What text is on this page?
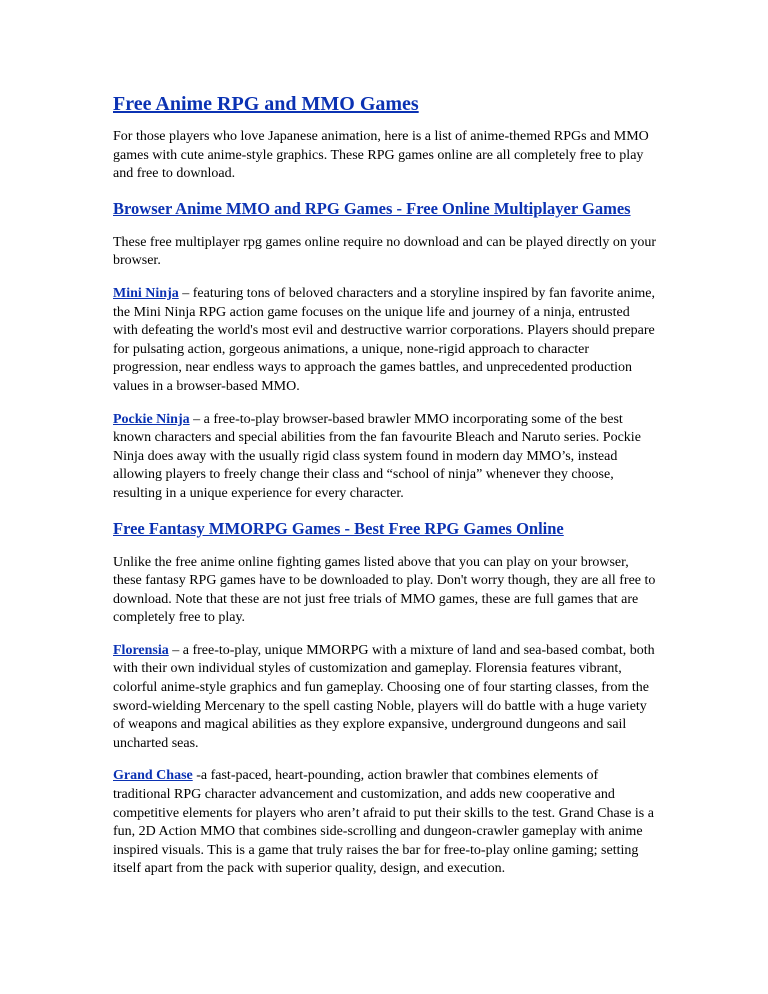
Free Anime RPG and MMO Games

For those players who love Japanese animation, here is a list of anime-themed RPGs and MMO games with cute anime-style graphics. These RPG games online are all completely free to play and free to download.

Browser Anime MMO and RPG Games - Free Online Multiplayer Games

These free multiplayer rpg games online require no download and can be played directly on your browser.

Mini Ninja – featuring tons of beloved characters and a storyline inspired by fan favorite anime, the Mini Ninja RPG action game focuses on the unique life and journey of a ninja, entrusted with defeating the world's most evil and destructive warrior corporations. Players should prepare for pulsating action, gorgeous animations, a unique, none-rigid approach to character progression, near endless ways to approach the games battles, and unprecedented production values in a browser-based MMO.

Pockie Ninja – a free-to-play browser-based brawler MMO incorporating some of the best known characters and special abilities from the fan favourite Bleach and Naruto series. Pockie Ninja does away with the usually rigid class system found in modern day MMO’s, instead allowing players to freely change their class and “school of ninja” whenever they choose, resulting in a unique experience for every character.

Free Fantasy MMORPG Games - Best Free RPG Games Online

Unlike the free anime online fighting games listed above that you can play on your browser, these fantasy RPG games have to be downloaded to play. Don't worry though, they are all free to download. Note that these are not just free trials of MMO games, these are full games that are completely free to play.

Florensia – a free-to-play, unique MMORPG with a mixture of land and sea-based combat, both with their own individual styles of customization and gameplay. Florensia features vibrant, colorful anime-style graphics and fun gameplay. Choosing one of four starting classes, from the sword-wielding Mercenary to the spell casting Noble, players will do battle with a huge variety of weapons and magical abilities as they explore expansive, underground dungeons and sail uncharted seas.

Grand Chase -a fast-paced, heart-pounding, action brawler that combines elements of traditional RPG character advancement and customization, and adds new cooperative and competitive elements for players who aren’t afraid to put their skills to the test. Grand Chase is a fun, 2D Action MMO that combines side-scrolling and dungeon-crawler gameplay with anime inspired visuals. This is a game that truly raises the bar for free-to-play online gaming; setting itself apart from the pack with superior quality, design, and execution.
